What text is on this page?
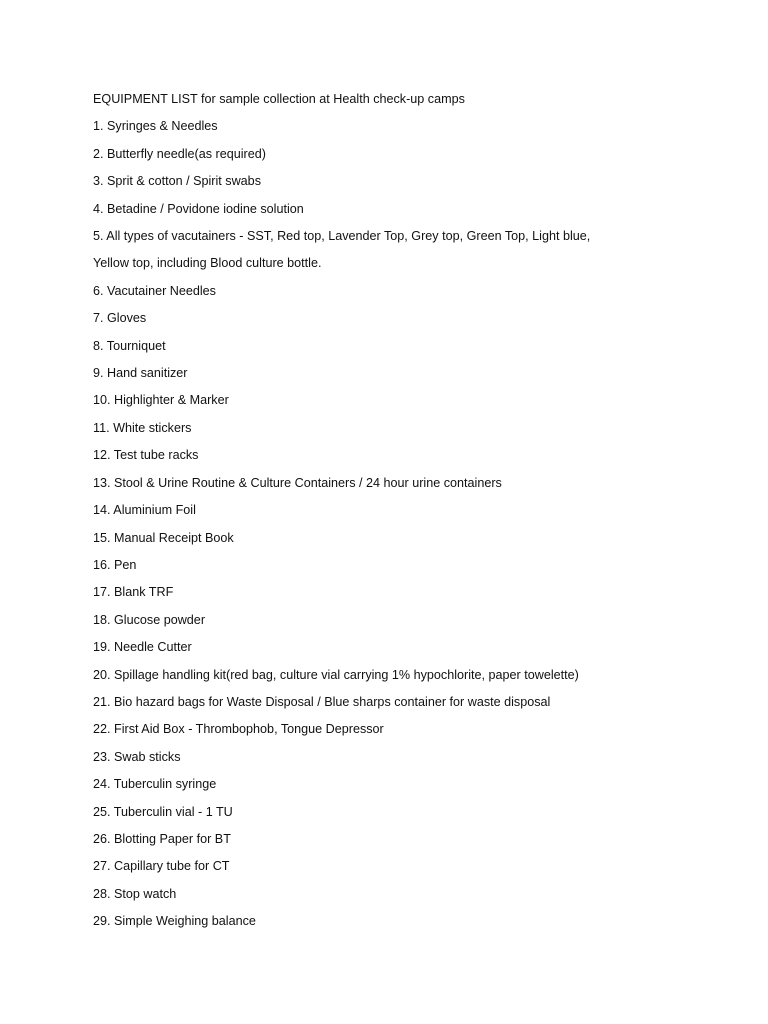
EQUIPMENT LIST for sample collection at Health check-up camps
1. Syringes & Needles
2. Butterfly needle(as required)
3. Sprit & cotton / Spirit swabs
4. Betadine / Povidone iodine solution
5. All types of vacutainers - SST, Red top, Lavender Top, Grey top, Green Top, Light blue,
Yellow top, including Blood culture bottle.
6. Vacutainer Needles
7. Gloves
8. Tourniquet
9. Hand sanitizer
10. Highlighter & Marker
11. White stickers
12. Test tube racks
13. Stool & Urine Routine & Culture Containers / 24 hour urine containers
14. Aluminium Foil
15. Manual Receipt Book
16. Pen
17. Blank TRF
18. Glucose powder
19. Needle Cutter
20. Spillage handling kit(red bag, culture vial carrying 1% hypochlorite, paper towelette)
21. Bio hazard bags for Waste Disposal / Blue sharps container for waste disposal
22. First Aid Box - Thrombophob, Tongue Depressor
23. Swab sticks
24. Tuberculin syringe
25. Tuberculin vial - 1 TU
26. Blotting Paper for BT
27. Capillary tube for CT
28. Stop watch
29. Simple Weighing balance
